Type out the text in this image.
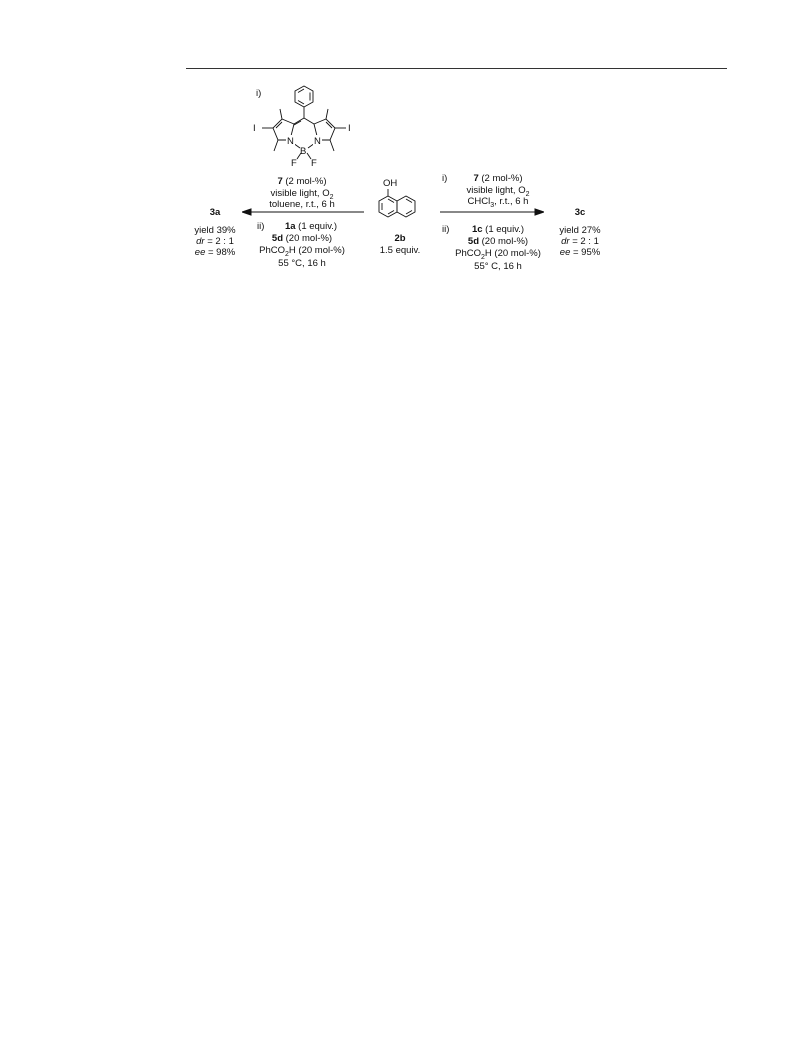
i)
I	I
N N
B
F F
7 (2 mol-%)
visible light, $O_2$
toluene, r.t., 6 h
ii)	1a (1 equiv.)
5d (20 mol-%)
PhCO$_2$H (20 mol-%)
55 °C, 16 h
3a
yield 39%
dr = 2 : 1
ee = 98%
OH
2b
1.5 equiv.
i)	7 (2 mol-%)
visible light, $O_2$
CHCl$_3$, r.t., 6 h
ii)	1c (1 equiv.)
5d (20 mol-%)
PhCO$_2$H (20 mol-%)
55° C, 16 h
3c
yield 27%
dr = 2 : 1
ee = 95%
